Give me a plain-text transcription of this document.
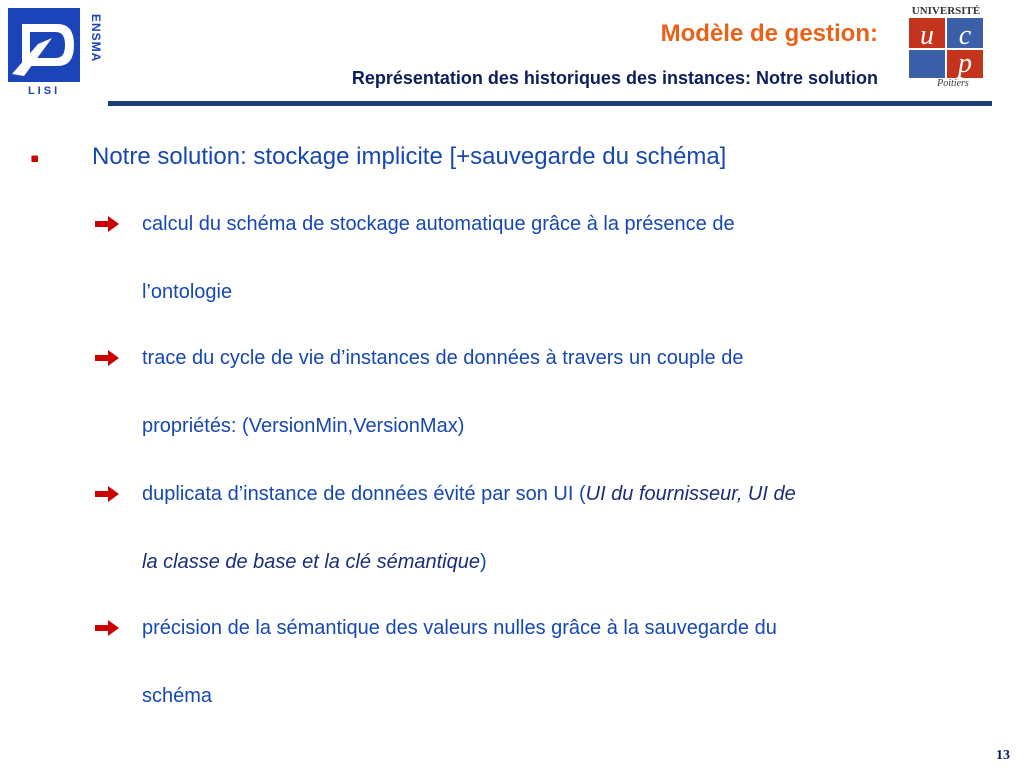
ENSMA
L I S I
Modèle de gestion:
Représentation des historiques des instances: Notre solution
UNIVERSITÉ
u c
p
Poitiers
▪ Notre solution: stockage implicite [+sauvegarde du schéma]
calcul du schéma de stockage automatique grâce à la présence de
l’ontologie
trace du cycle de vie d’instances de données à travers un couple de
propriétés: (VersionMin,VersionMax)
duplicata d’instance de données évité par son UI (UI du fournisseur, UI de
la classe de base et la clé sémantique)
précision de la sémantique des valeurs nulles grâce à la sauvegarde du
schéma
13
